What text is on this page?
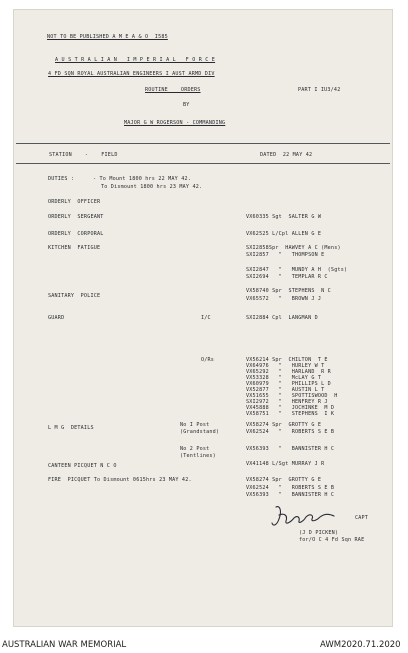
NOT TO BE PUBLISHED A M E A & O  I585
A U S T R A L I A N   I M P E R I A L   F O R C E
4 FD SQN ROYAL AUSTRALIAN ENGINEERS I AUST ARMD DIV
ROUTINE    ORDERS	PART I IU3/42
BY
MAJOR G W ROGERSON - COMMANDING
STATION    -    FIELD	DATED  22 MAY 42
DUTIES :	- To Mount 1800 hrs 22 MAY 42.
To Dismount 1800 hrs 23 MAY 42.
ORDERLY  OFFICER
ORDERLY  SERGEANT	VX60335 Sgt  SALTER G W
ORDERLY  CORPORAL	VX62525 L/Cpl ALLEN G E
KITCHEN  FATIGUE	SXI2858Spr  HAWVEY A C (Mens)
SXI2857   "   THOMPSON E
SXI2847   "   MUNDY A H  (Sgts)
SXI2694   "   TEMPLAR R C
SANITARY  POLICE
VX58740 Spr  STEPHENS  N C
VX65572   "   BROWN J J
GUARD	I/C	SXI2884 Cpl  LANGMAN D
O/Rs	VX56214 Spr  CHILTON  T E
VX64976   "   HURLEY W T
VX65292   "   HARLAND  R R
VX53328   "   McLAY G T
VX60979   "   PHILLIPS L D
VX52877   "   AUSTIN L T
VX51655   "   SPOTTISWOOD  H
SXI2972   "   HENFREY R J
VX45888   "   JOCHINKE  M D
VX58751   "   STEPHENS  I K
L M G  DETAILS	No I Post
(Grandstand)
VX58274 Spr  GROTTY G E
VX62524   "   ROBERTS S E B
No 2 Post
(Tentlines)
VX56393   "   BANNISTER H C
CANTEEN PICQUET N C O	VX41148 L/Sgt MURRAY J R
FIRE  PICQUET To Dismount 0615hrs 23 MAY 42.	VX58274 Spr  GROTTY G E
VX62524   "   ROBERTS S E B
VX56393   "   BANNISTER H C
CAPT
(J D PICKEN)
for/O C 4 Fd Sqn RAE
AUSTRALIAN WAR MEMORIAL	AWM2020.71.2020
